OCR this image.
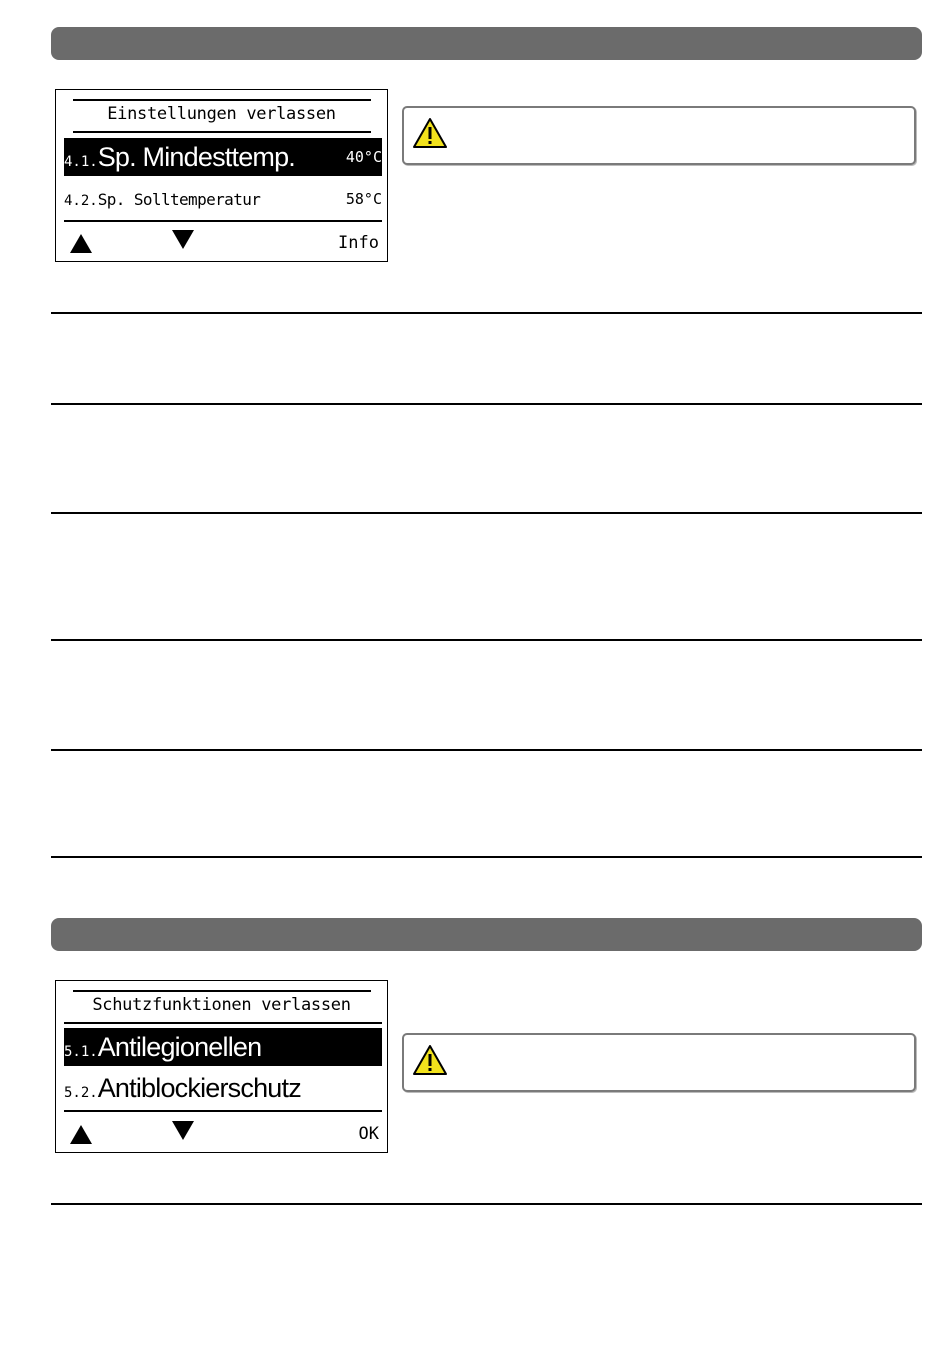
Einstellungen verlassen
4.1. Sp. Mindesttemp.	40°C
4.2. Sp. Solltemperatur	58°C
Info
Schutzfunktionen verlassen
5.1. Antilegionellen
5.2. Antiblockierschutz
OK
